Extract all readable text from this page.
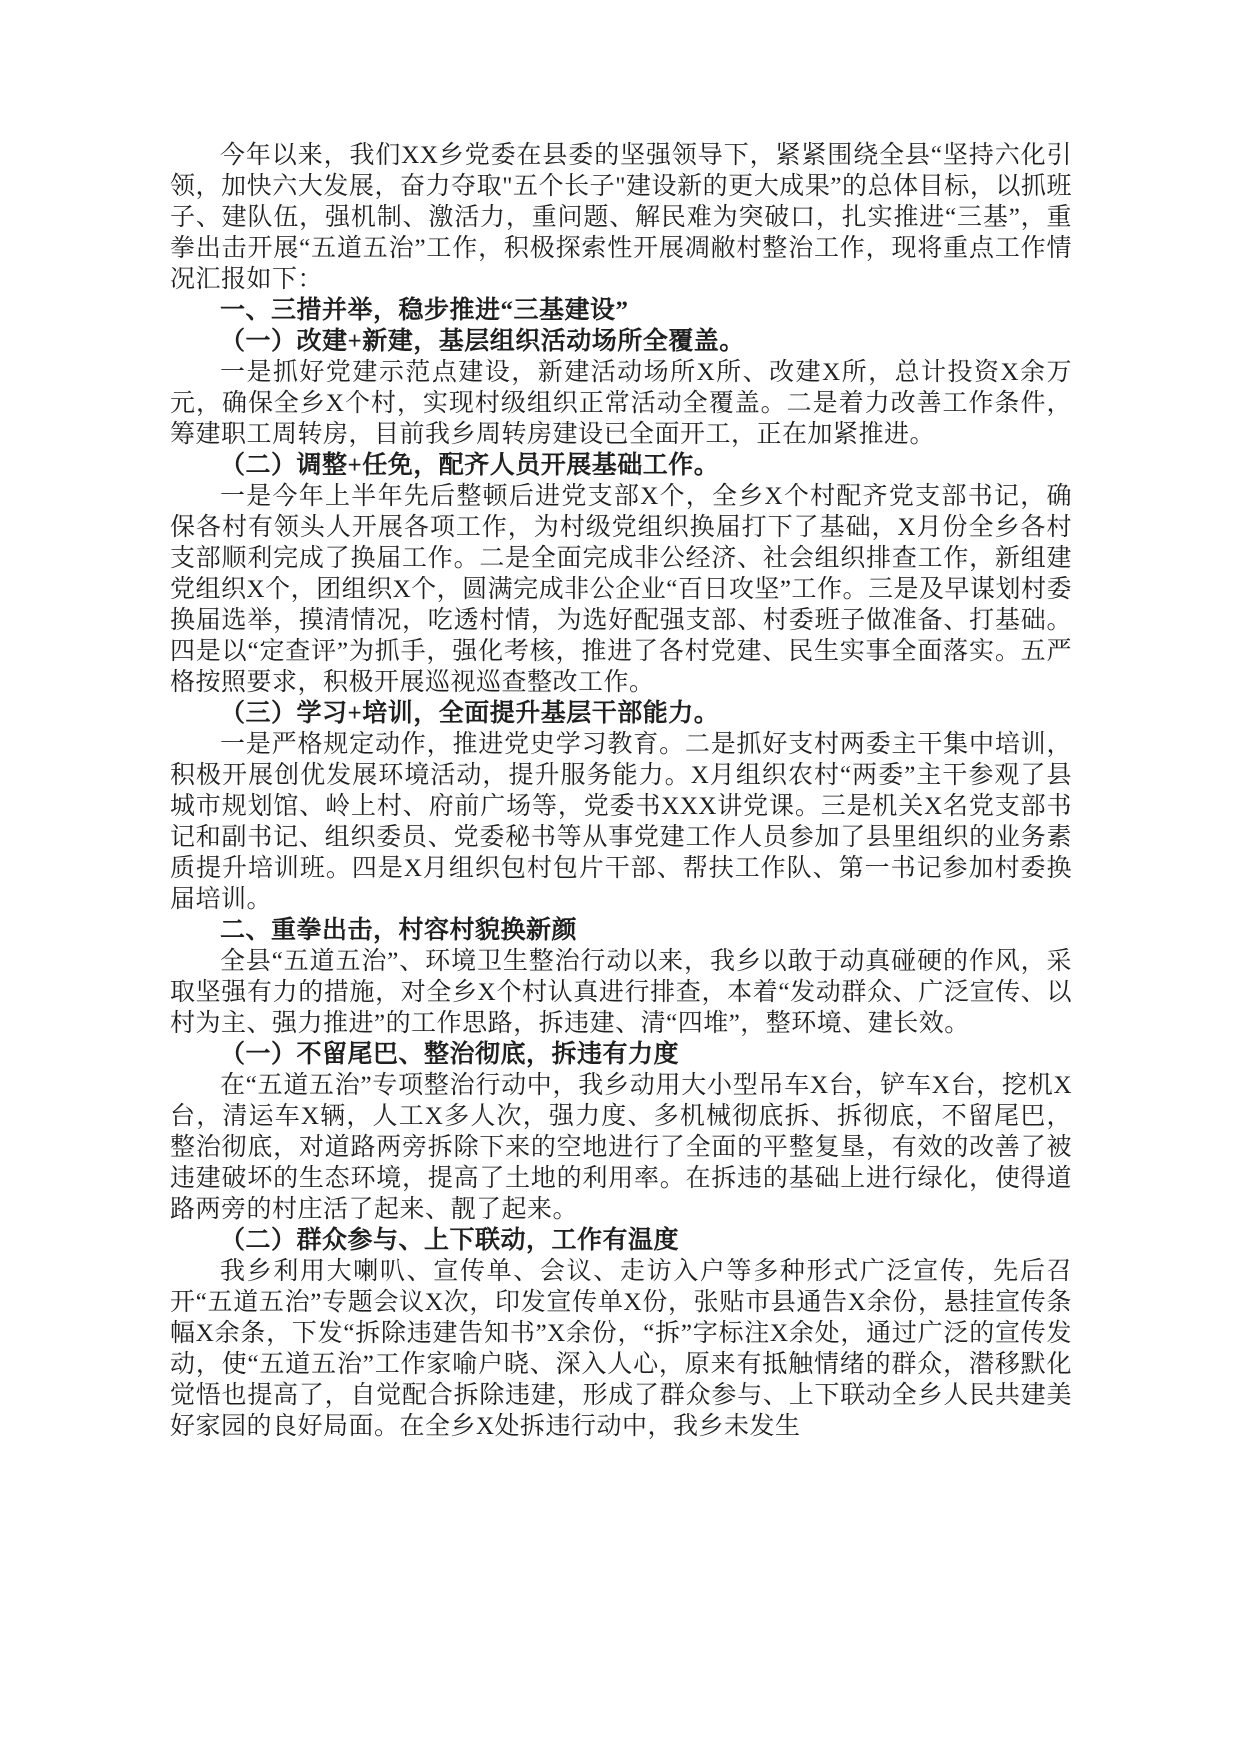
今年以来，我们XX乡党委在县委的坚强领导下，紧紧围绕全县“坚持六化引领，加快六大发展，奋力夺取"五个长子"建设新的更大成果”的总体目标，以抓班子、建队伍，强机制、激活力，重问题、解民难为突破口，扎实推进“三基”，重拳出击开展“五道五治”工作，积极探索性开展凋敝村整治工作，现将重点工作情况汇报如下：

一、三措并举，稳步推进“三基建设”

（一）改建+新建，基层组织活动场所全覆盖。

一是抓好党建示范点建设，新建活动场所X所、改建X所，总计投资X余万元，确保全乡X个村，实现村级组织正常活动全覆盖。二是着力改善工作条件，筹建职工周转房，目前我乡周转房建设已全面开工，正在加紧推进。

（二）调整+任免，配齐人员开展基础工作。

一是今年上半年先后整顿后进党支部X个，全乡X个村配齐党支部书记，确保各村有领头人开展各项工作，为村级党组织换届打下了基础，X月份全乡各村支部顺利完成了换届工作。二是全面完成非公经济、社会组织排查工作，新组建党组织X个，团组织X个，圆满完成非公企业“百日攻坚”工作。三是及早谋划村委换届选举，摸清情况，吃透村情，为选好配强支部、村委班子做准备、打基础。四是以“定查评”为抓手，强化考核，推进了各村党建、民生实事全面落实。五严格按照要求，积极开展巡视巡查整改工作。

（三）学习+培训，全面提升基层干部能力。

一是严格规定动作，推进党史学习教育。二是抓好支村两委主干集中培训，积极开展创优发展环境活动，提升服务能力。X月组织农村“两委”主干参观了县城市规划馆、岭上村、府前广场等，党委书XXX讲党课。三是机关X名党支部书记和副书记、组织委员、党委秘书等从事党建工作人员参加了县里组织的业务素质提升培训班。四是X月组织包村包片干部、帮扶工作队、第一书记参加村委换届培训。

二、重拳出击，村容村貌换新颜

全县“五道五治”、环境卫生整治行动以来，我乡以敢于动真碰硬的作风，采取坚强有力的措施，对全乡X个村认真进行排查，本着“发动群众、广泛宣传、以村为主、强力推进”的工作思路，拆违建、清“四堆”，整环境、建长效。

（一）不留尾巴、整治彻底，拆违有力度

在“五道五治”专项整治行动中，我乡动用大小型吊车X台，铲车X台，挖机X台，清运车X辆，人工X多人次，强力度、多机械彻底拆、拆彻底，不留尾巴，整治彻底，对道路两旁拆除下来的空地进行了全面的平整复垦，有效的改善了被违建破坏的生态环境，提高了土地的利用率。在拆违的基础上进行绿化，使得道路两旁的村庄活了起来、靓了起来。

（二）群众参与、上下联动，工作有温度

我乡利用大喇叭、宣传单、会议、走访入户等多种形式广泛宣传，先后召开“五道五治”专题会议X次，印发宣传单X份，张贴市县通告X余份，悬挂宣传条幅X余条，下发“拆除违建告知书”X余份，“拆”字标注X余处，通过广泛的宣传发动，使“五道五治”工作家喻户晓、深入人心，原来有抵触情绪的群众，潜移默化觉悟也提高了，自觉配合拆除违建，形成了群众参与、上下联动全乡人民共建美好家园的良好局面。在全乡X处拆违行动中，我乡未发生
